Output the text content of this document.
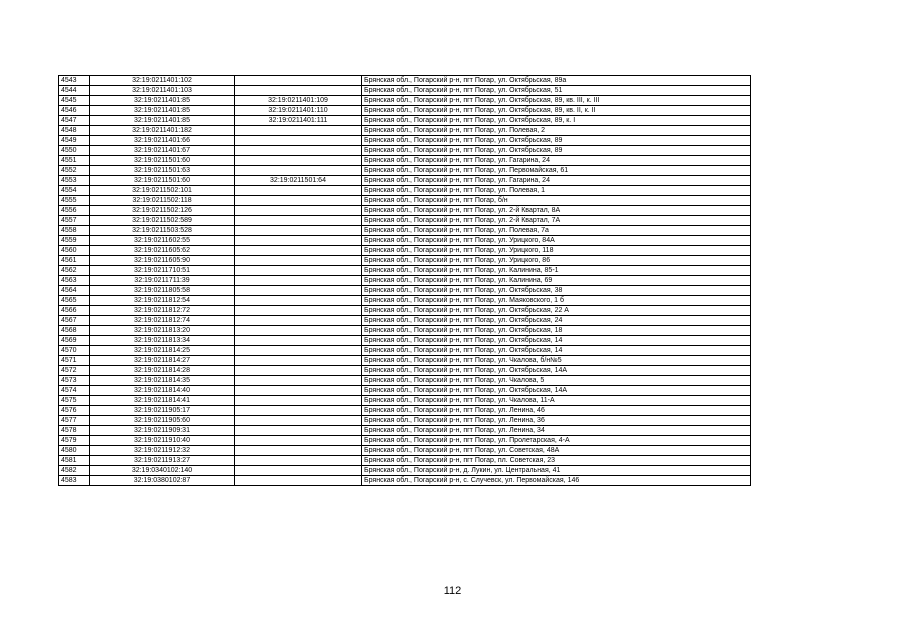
4543	32:19:0211401:102		Брянская обл., Погарский р-н, пгт Погар, ул. Октябрьская, 89а
4544	32:19:0211401:103		Брянская обл., Погарский р-н, пгт Погар, ул. Октябрьская, 51
4545	32:19:0211401:85	32:19:0211401:109	Брянская обл., Погарский р-н, пгт Погар, ул. Октябрьская, 89, кв. III, к. III
4546	32:19:0211401:85	32:19:0211401:110	Брянская обл., Погарский р-н, пгт Погар, ул. Октябрьская, 89, кв. II, к. II
4547	32:19:0211401:85	32:19:0211401:111	Брянская обл., Погарский р-н, пгт Погар, ул. Октябрьская, 89, к. I
4548	32:19:0211401:182		Брянская обл., Погарский р-н, пгт Погар, ул. Полевая, 2
4549	32:19:0211401:66		Брянская обл., Погарский р-н, пгт Погар, ул. Октябрьская, 89
4550	32:19:0211401:67		Брянская обл., Погарский р-н, пгт Погар, ул. Октябрьская, 89
4551	32:19:0211501:60		Брянская обл., Погарский р-н, пгт Погар, ул. Гагарина, 24
4552	32:19:0211501:63		Брянская обл., Погарский р-н, пгт Погар, ул. Первомайская, 61
4553	32:19:0211501:60	32:19:0211501:64	Брянская обл., Погарский р-н, пгт Погар, ул. Гагарина, 24
4554	32:19:0211502:101		Брянская обл., Погарский р-н, пгт Погар, ул. Полевая, 1
4555	32:19:0211502:118		Брянская обл., Погарский р-н, пгт Погар, б/н
4556	32:19:0211502:126		Брянская обл., Погарский р-н, пгт Погар, ул. 2-й Квартал, 8А
4557	32:19:0211502:589		Брянская обл., Погарский р-н, пгт Погар, ул. 2-й Квартал, 7А
4558	32:19:0211503:528		Брянская обл., Погарский р-н, пгт Погар, ул. Полевая, 7а
4559	32:19:0211602:55		Брянская обл., Погарский р-н, пгт Погар, ул. Урицкого, 84А
4560	32:19:0211605:62		Брянская обл., Погарский р-н, пгт Погар, ул. Урицкого, 118
4561	32:19:0211605:90		Брянская обл., Погарский р-н, пгт Погар, ул. Урицкого, 86
4562	32:19:0211710:51		Брянская обл., Погарский р-н, пгт Погар, ул. Калинина, 85-1
4563	32:19:0211711:39		Брянская обл., Погарский р-н, пгт Погар, ул. Калинина, 69
4564	32:19:0211805:58		Брянская обл., Погарский р-н, пгт Погар, ул. Октябрьская, 38
4565	32:19:0211812:54		Брянская обл., Погарский р-н, пгт Погар, ул. Маяковского, 1 б
4566	32:19:0211812:72		Брянская обл., Погарский р-н, пгт Погар, ул. Октябрьская, 22 А
4567	32:19:0211812:74		Брянская обл., Погарский р-н, пгт Погар, ул. Октябрьская, 24
4568	32:19:0211813:20		Брянская обл., Погарский р-н, пгт Погар, ул. Октябрьская, 18
4569	32:19:0211813:34		Брянская обл., Погарский р-н, пгт Погар, ул. Октябрьская, 14
4570	32:19:0211814:25		Брянская обл., Погарский р-н, пгт Погар, ул. Октябрьская, 14
4571	32:19:0211814:27		Брянская обл., Погарский р-н, пгт Погар, ул. Чкалова, б/н№5
4572	32:19:0211814:28		Брянская обл., Погарский р-н, пгт Погар, ул. Октябрьская, 14А
4573	32:19:0211814:35		Брянская обл., Погарский р-н, пгт Погар, ул. Чкалова, 5
4574	32:19:0211814:40		Брянская обл., Погарский р-н, пгт Погар, ул. Октябрьская, 14А
4575	32:19:0211814:41		Брянская обл., Погарский р-н, пгт Погар, ул. Чкалова, 11-А
4576	32:19:0211905:17		Брянская обл., Погарский р-н, пгт Погар, ул. Ленина, 46
4577	32:19:0211905:60		Брянская обл., Погарский р-н, пгт Погар, ул. Ленина, 36
4578	32:19:0211909:31		Брянская обл., Погарский р-н, пгт Погар, ул. Ленина, 34
4579	32:19:0211910:40		Брянская обл., Погарский р-н, пгт Погар, ул. Пролетарская, 4-А
4580	32:19:0211912:32		Брянская обл., Погарский р-н, пгт Погар, ул. Советская, 48А
4581	32:19:0211913:27		Брянская обл., Погарский р-н, пгт Погар, пл. Советская, 23
4582	32:19:0340102:140		Брянская обл., Погарский р-н, д. Лукин, ул. Центральная, 41
4583	32:19:0380102:87		Брянская обл., Погарский р-н, с. Случевск, ул. Первомайская, 146
112
